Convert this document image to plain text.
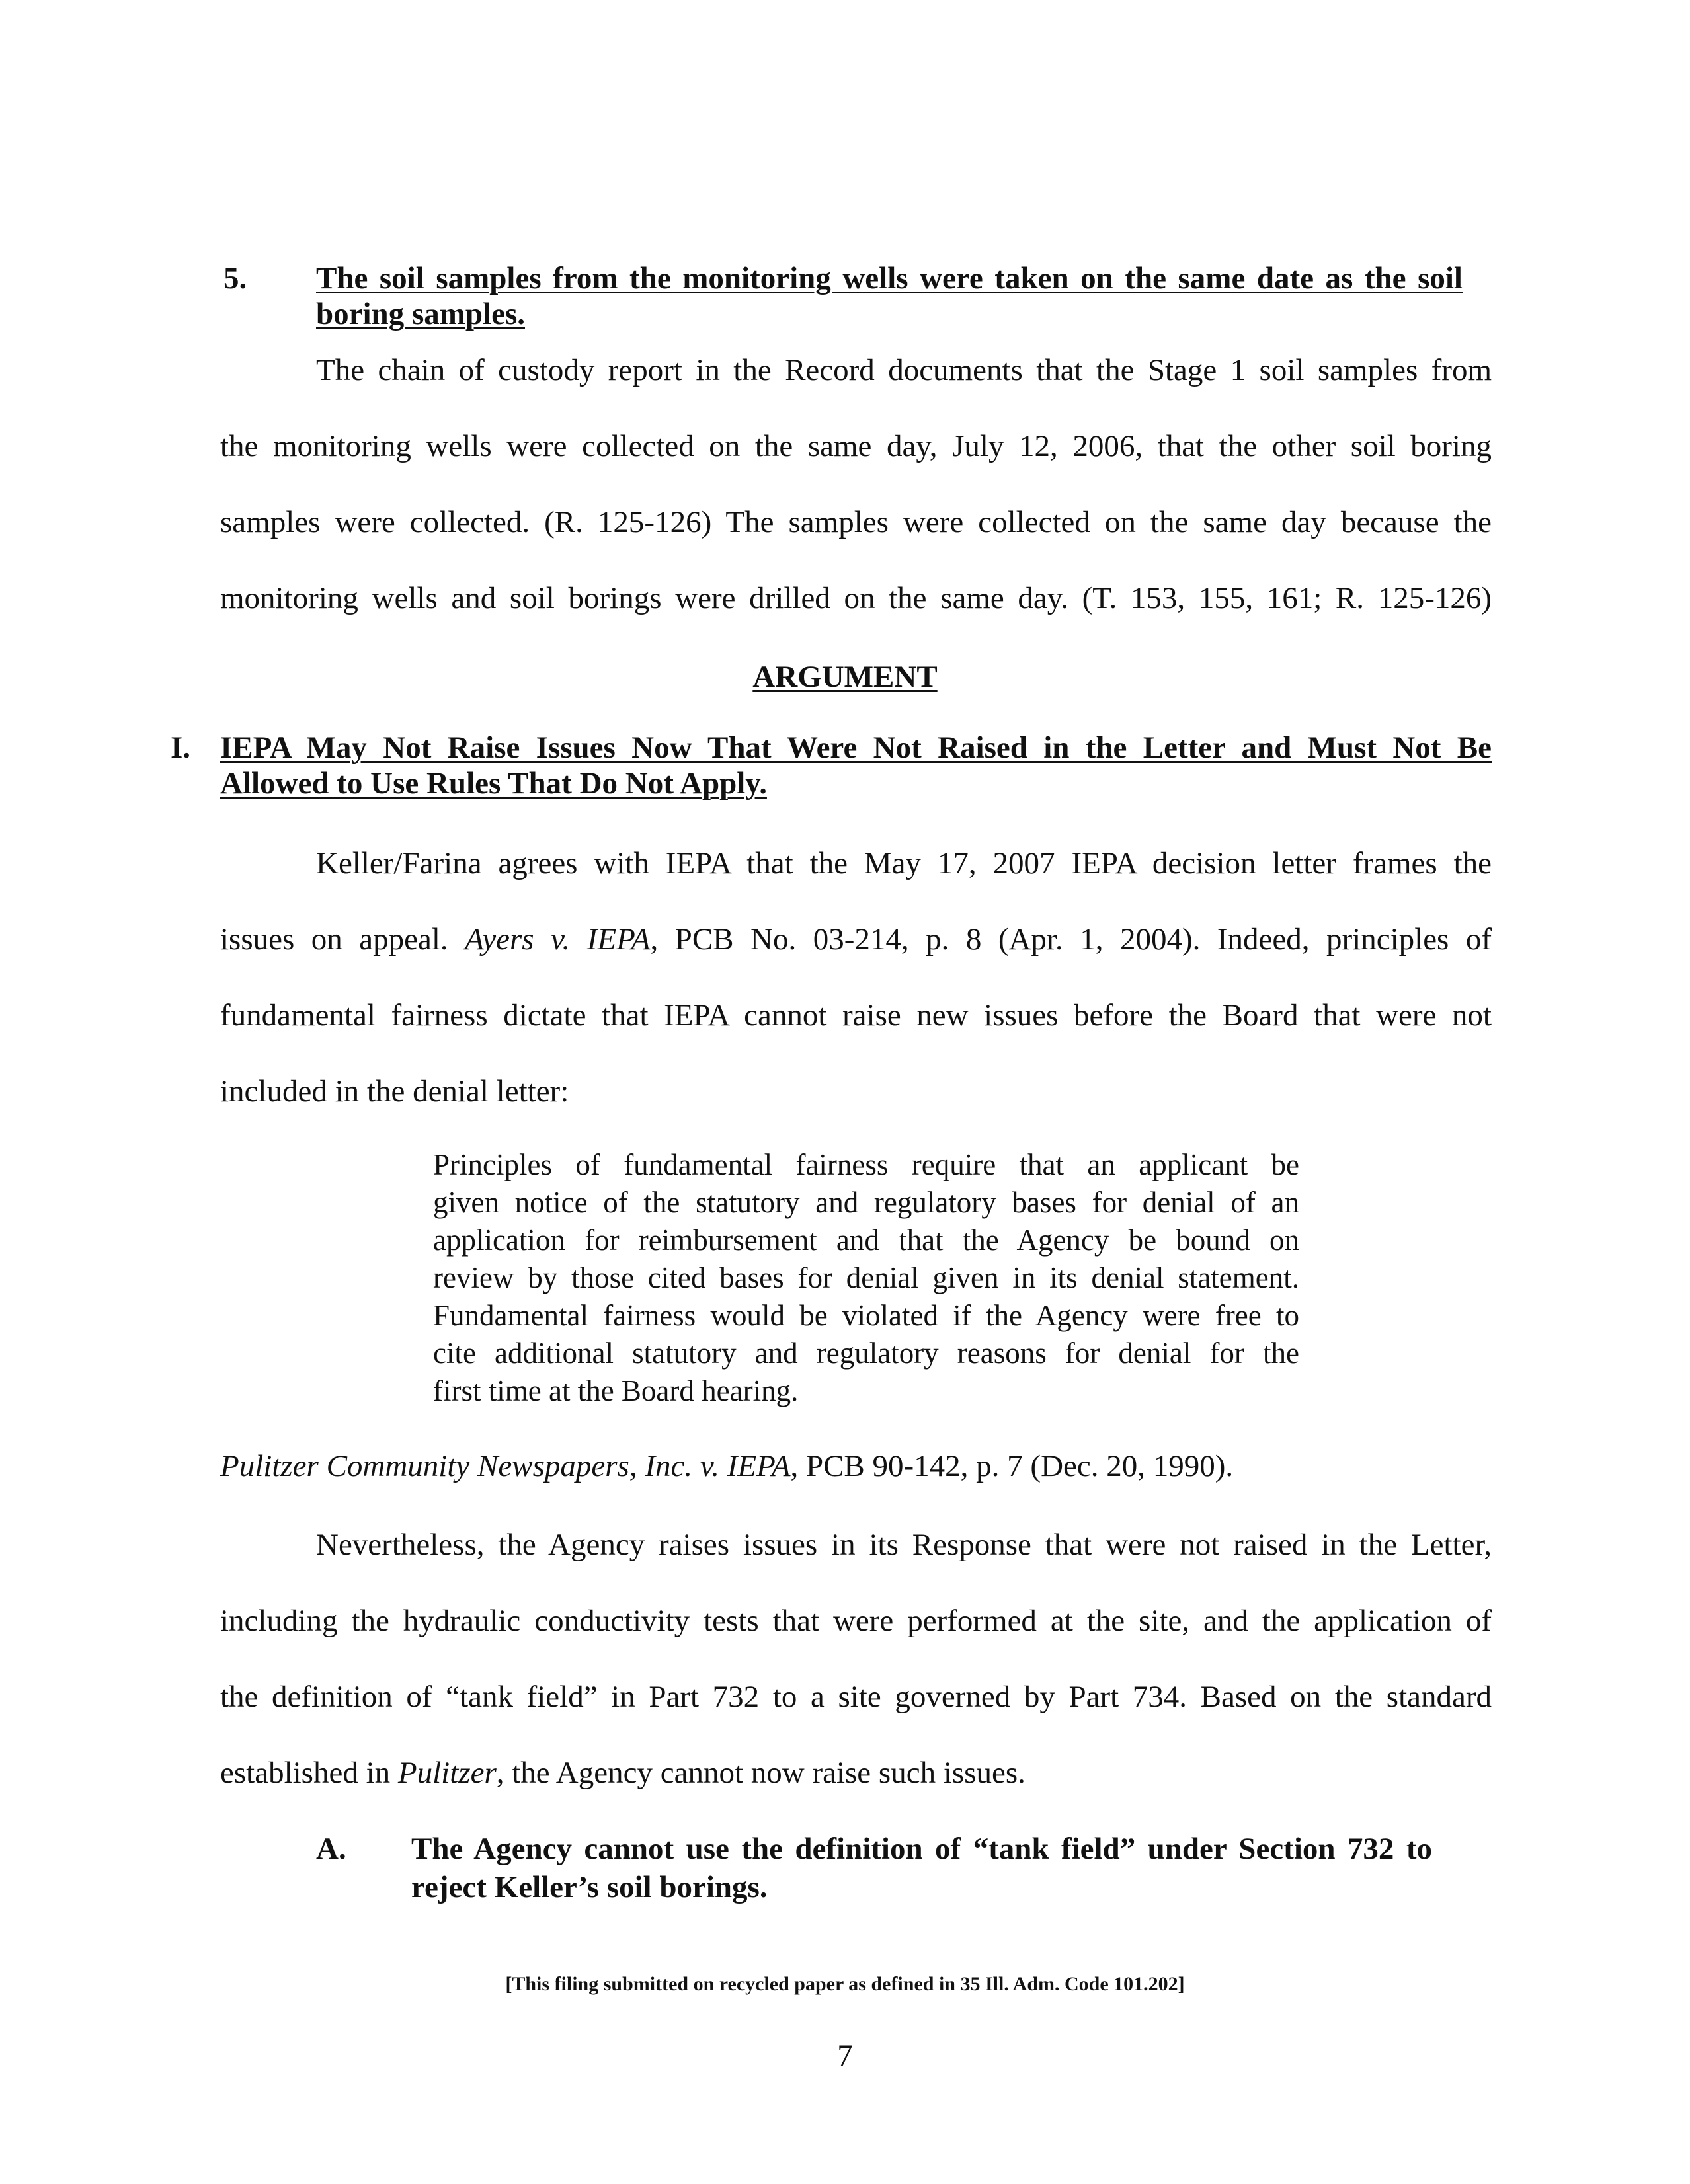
5. The soil samples from the monitoring wells were taken on the same date as the soil
boring samples.
The chain of custody report in the Record documents that the Stage 1 soil samples from
the monitoring wells were collected on the same day, July 12, 2006, that the other soil boring
samples were collected. (R. 125-126) The samples were collected on the same day because the
monitoring wells and soil borings were drilled on the same day. (T. 153, 155, 161; R. 125-126)
ARGUMENT
I. IEPA May Not Raise Issues Now That Were Not Raised in the Letter and Must Not Be
Allowed to Use Rules That Do Not Apply.
Keller/Farina agrees with IEPA that the May 17, 2007 IEPA decision letter frames the
issues on appeal. Ayers v. IEPA, PCB No. 03-214, p. 8 (Apr. 1, 2004). Indeed, principles of
fundamental fairness dictate that IEPA cannot raise new issues before the Board that were not
included in the denial letter:
Principles of fundamental fairness require that an applicant be
given notice of the statutory and regulatory bases for denial of an
application for reimbursement and that the Agency be bound on
review by those cited bases for denial given in its denial statement.
Fundamental fairness would be violated if the Agency were free to
cite additional statutory and regulatory reasons for denial for the
first time at the Board hearing.
Pulitzer Community Newspapers, Inc. v. IEPA, PCB 90-142, p. 7 (Dec. 20, 1990).
Nevertheless, the Agency raises issues in its Response that were not raised in the Letter,
including the hydraulic conductivity tests that were performed at the site, and the application of
the definition of “tank field” in Part 732 to a site governed by Part 734. Based on the standard
established in Pulitzer, the Agency cannot now raise such issues.
A. The Agency cannot use the definition of “tank field” under Section 732 to
reject Keller’s soil borings.
[This filing submitted on recycled paper as defined in 35 Ill. Adm. Code 101.202]
7
